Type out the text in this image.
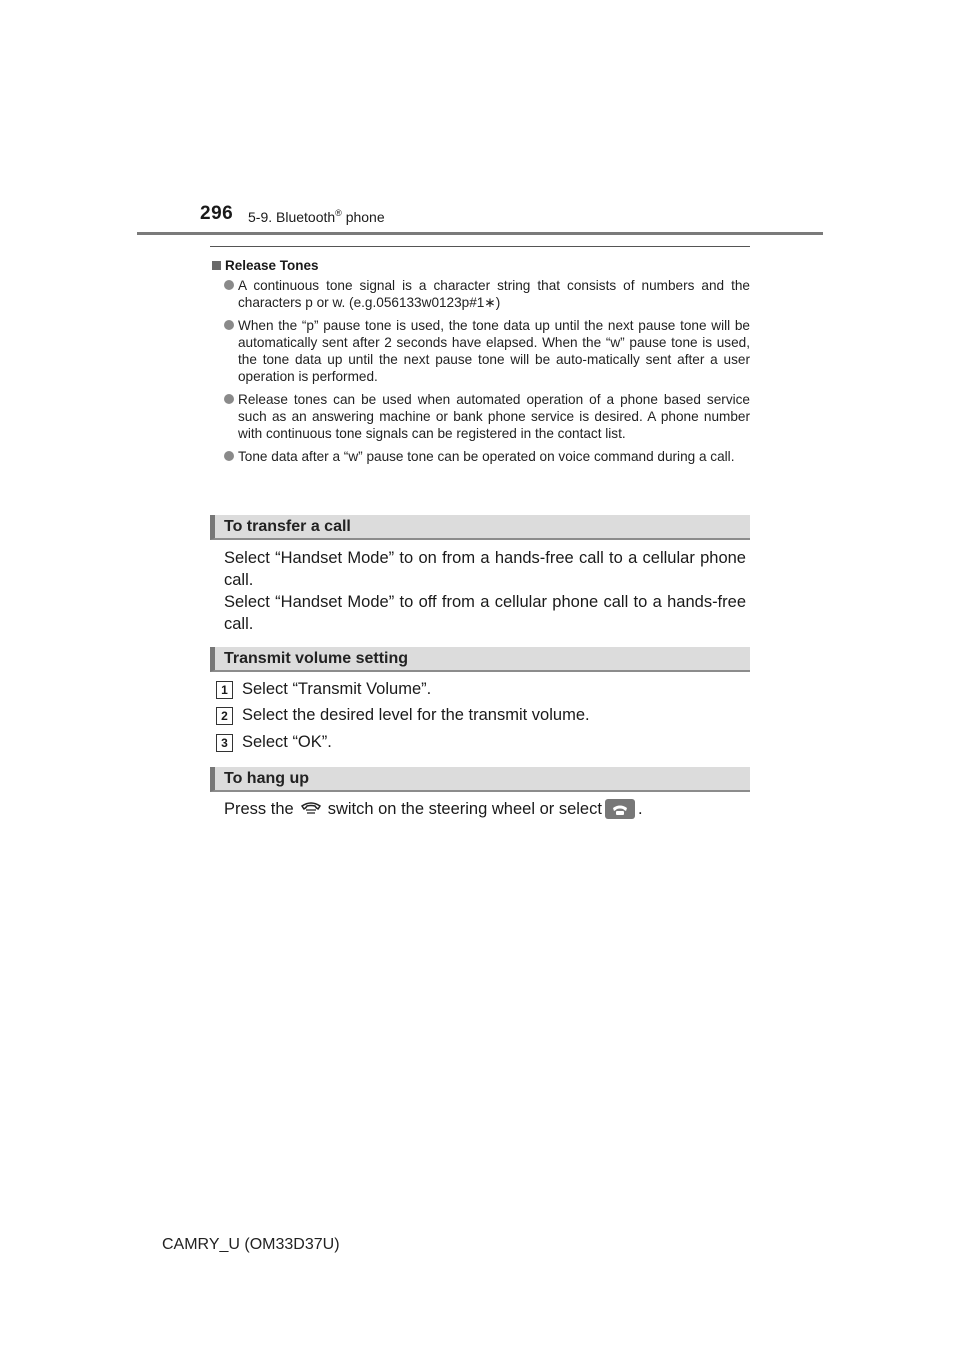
296 5-9. Bluetooth® phone
Release Tones
A continuous tone signal is a character string that consists of numbers and the characters p or w. (e.g.056133w0123p#1∗)
When the “p” pause tone is used, the tone data up until the next pause tone will be automatically sent after 2 seconds have elapsed. When the “w” pause tone is used, the tone data up until the next pause tone will be auto-matically sent after a user operation is performed.
Release tones can be used when automated operation of a phone based service such as an answering machine or bank phone service is desired. A phone number with continuous tone signals can be registered in the contact list.
Tone data after a “w” pause tone can be operated on voice command during a call.
To transfer a call
Select “Handset Mode” to on from a hands-free call to a cellular phone call.
Select “Handset Mode” to off from a cellular phone call to a hands-free call.
Transmit volume setting
1 Select “Transmit Volume”.
2 Select the desired level for the transmit volume.
3 Select “OK”.
To hang up
Press the switch on the steering wheel or select .
CAMRY_U (OM33D37U)
